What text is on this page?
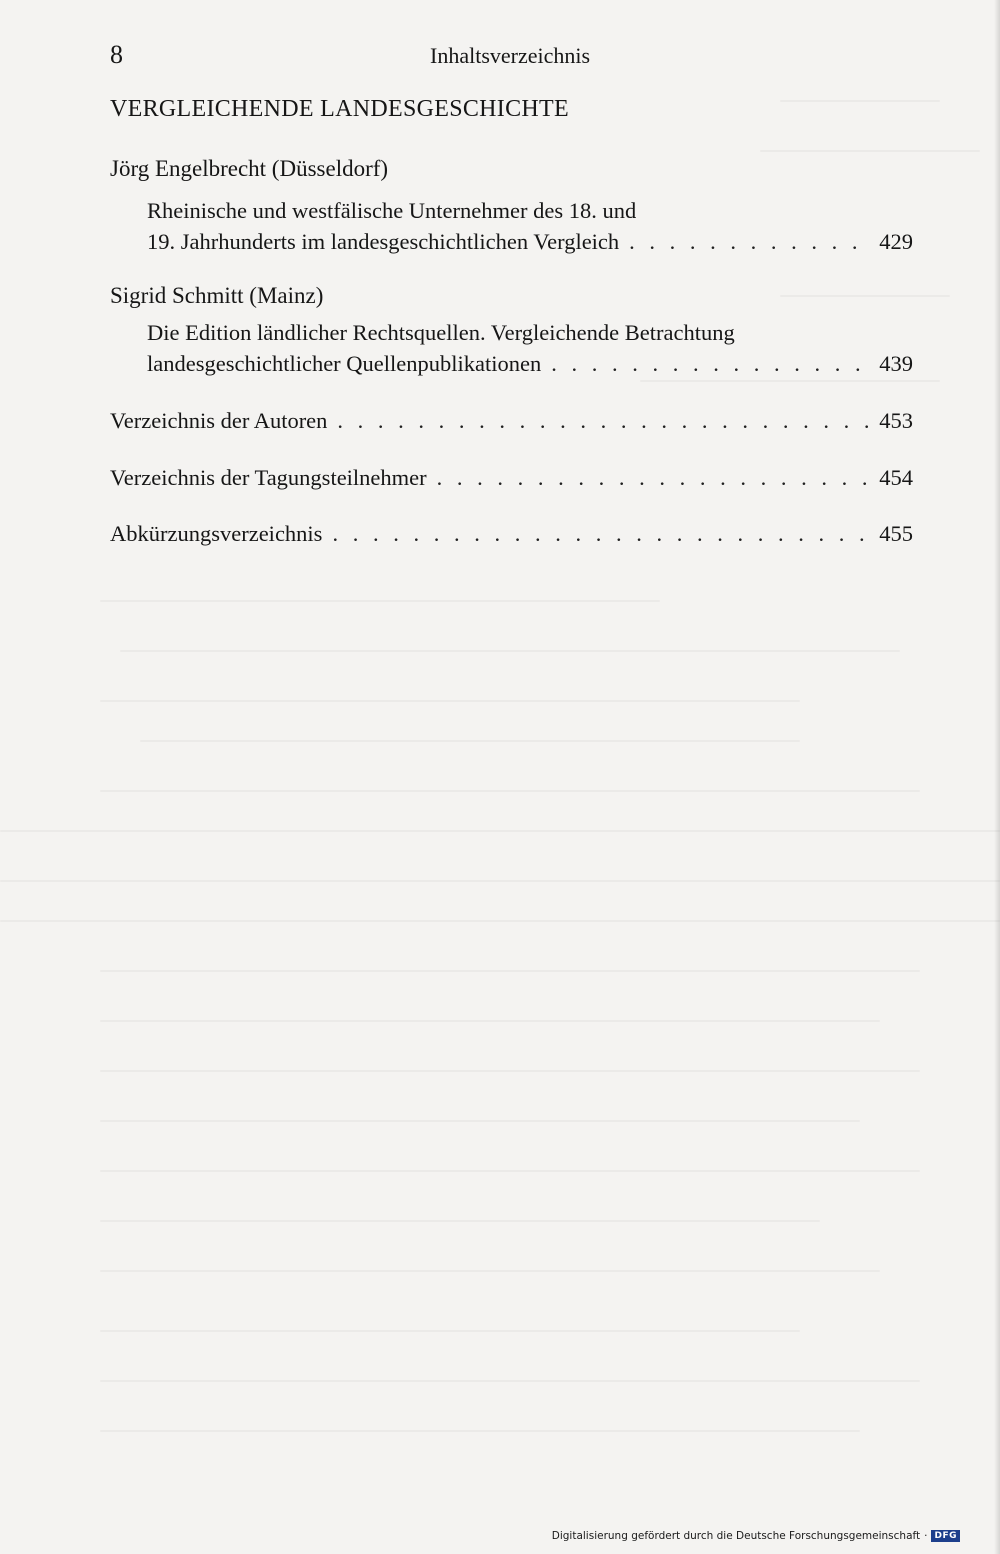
8	Inhaltsverzeichnis
VERGLEICHENDE LANDESGESCHICHTE
Jörg Engelbrecht (Düsseldorf)
Rheinische und westfälische Unternehmer des 18. und
19. Jahrhunderts im landesgeschichtlichen Vergleich . . .	429
Sigrid Schmitt (Mainz)
Die Edition ländlicher Rechtsquellen. Vergleichende Betrachtung
landesgeschichtlicher Quellenpublikationen . . .	439
Verzeichnis der Autoren . . .	453
Verzeichnis der Tagungsteilnehmer . . .	454
Abkürzungsverzeichnis . . .	455
Digitalisierung gefördert durch die Deutsche Forschungsgemeinschaft · DFG
